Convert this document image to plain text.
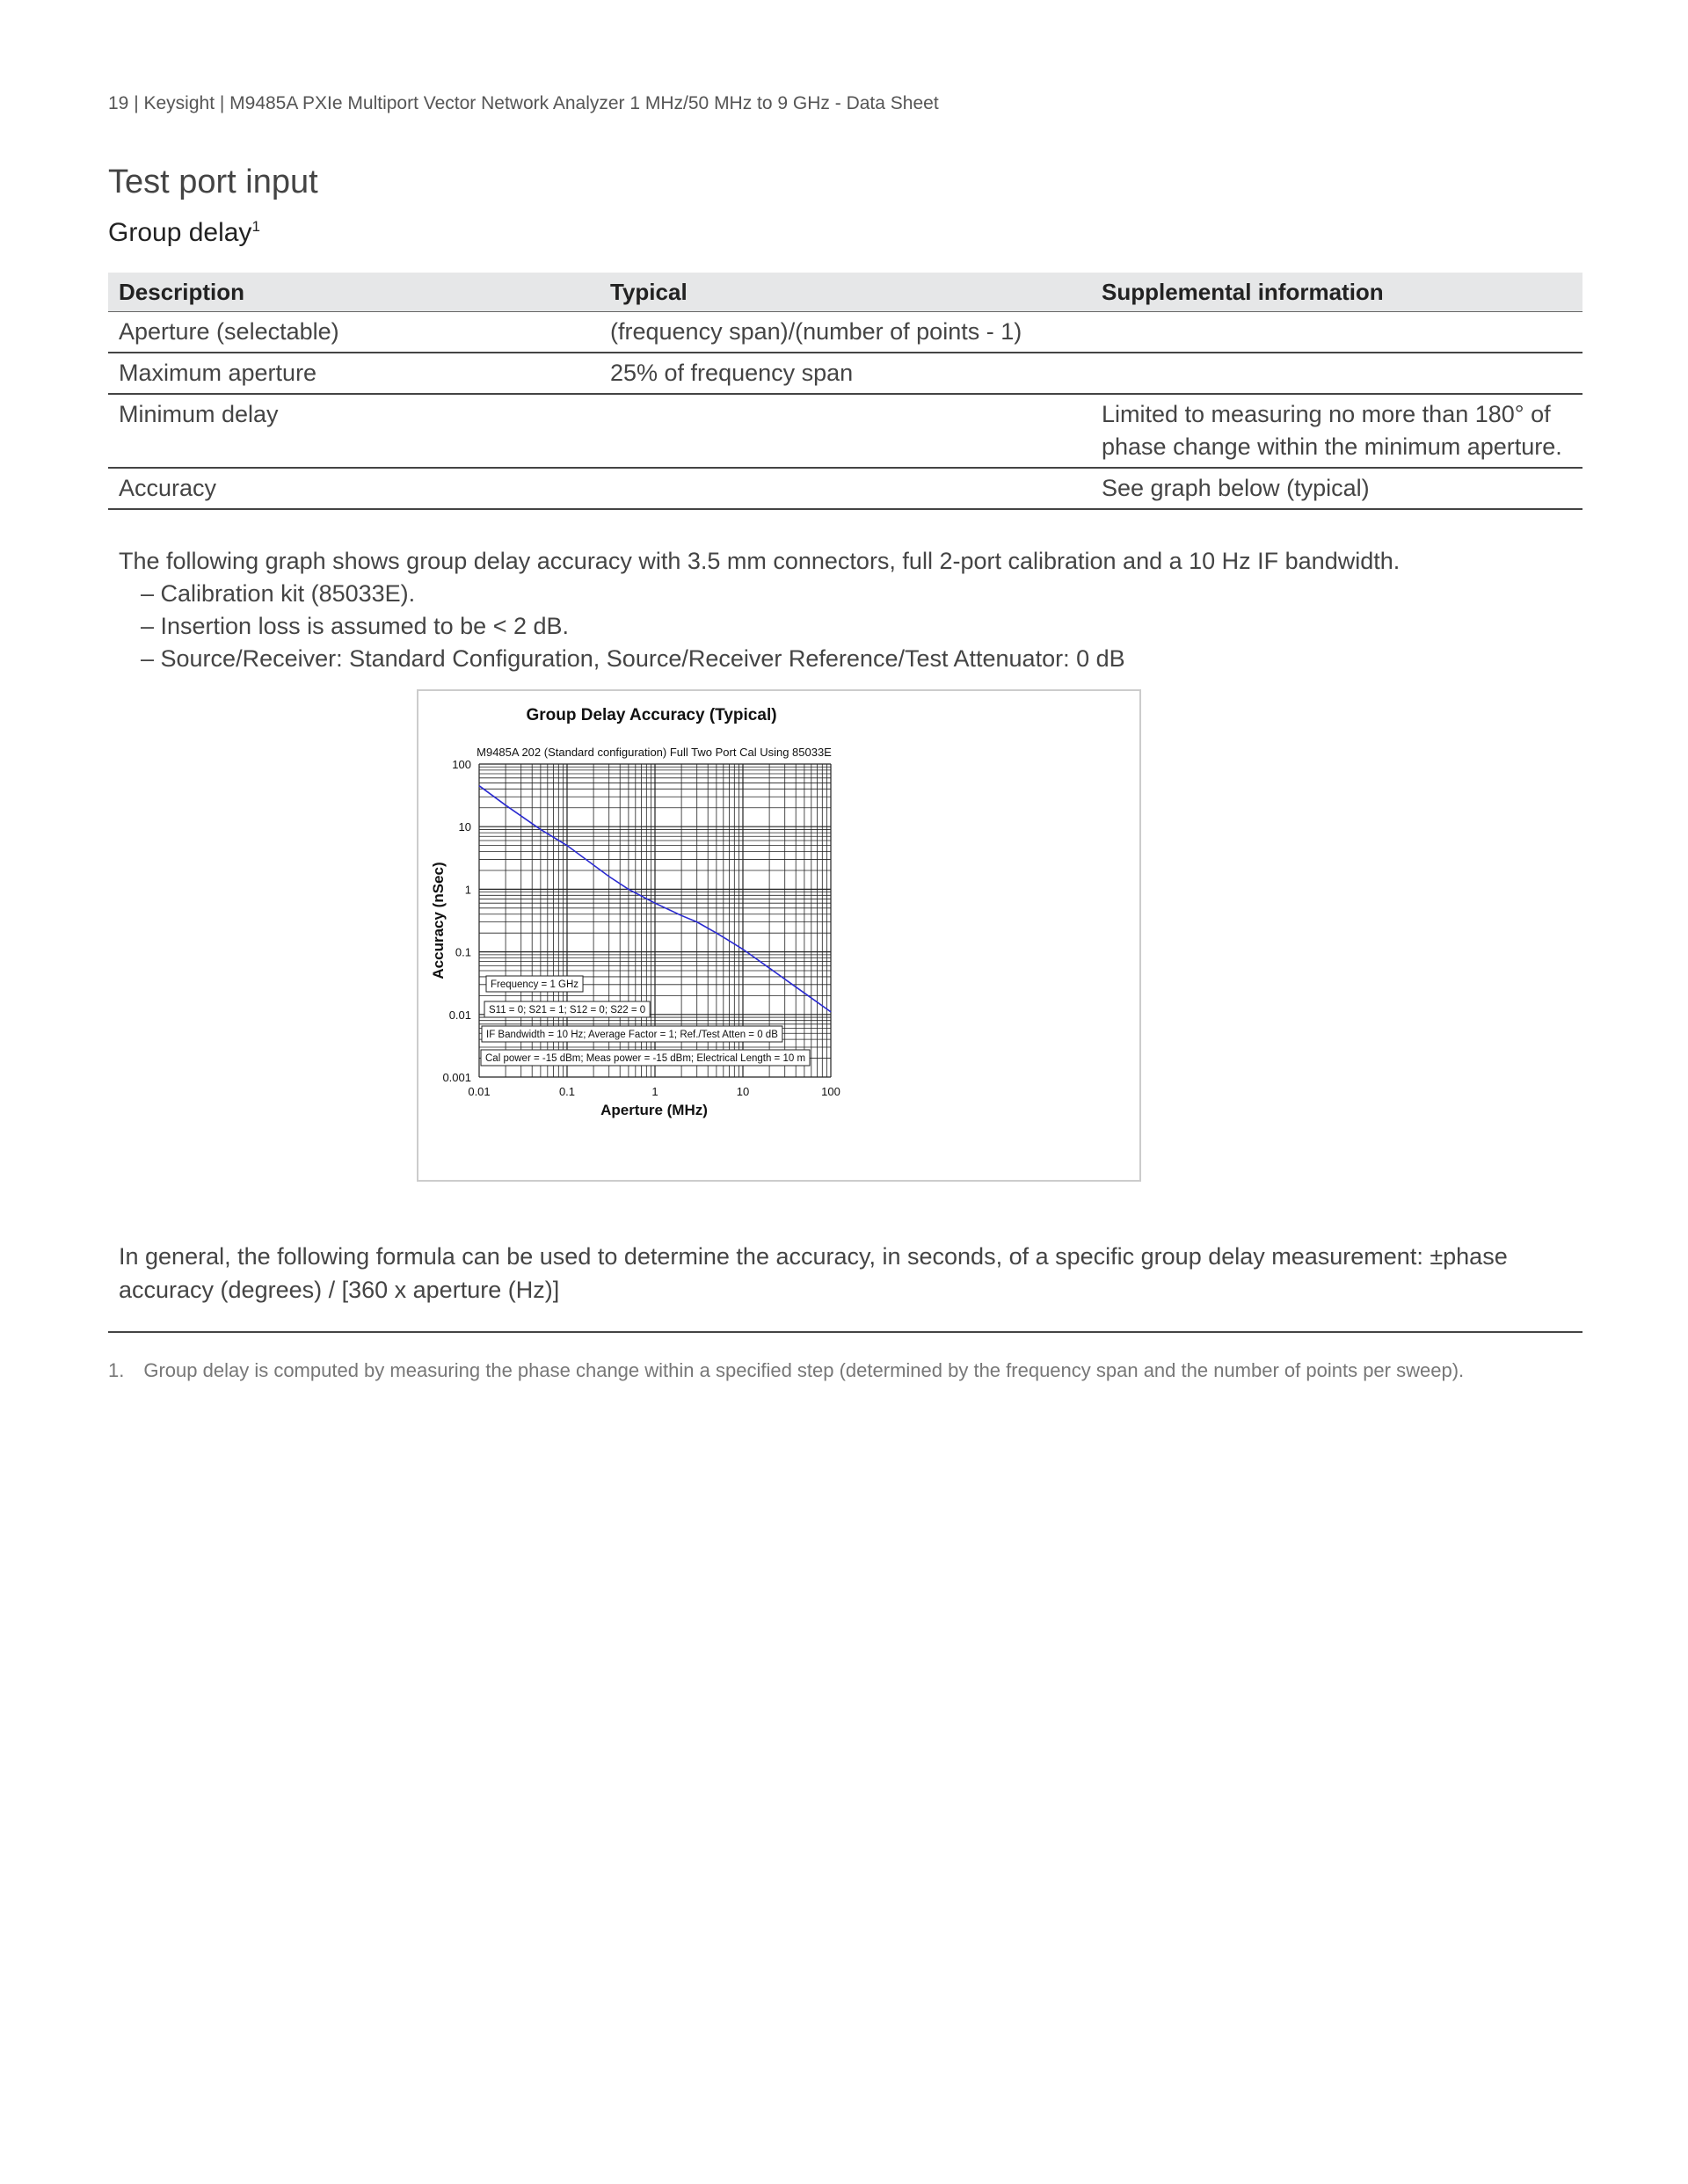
19 | Keysight | M9485A PXIe Multiport Vector Network Analyzer 1 MHz/50 MHz to 9 GHz - Data Sheet
Test port input
Group delay$^1$
Description	Typical	Supplemental information
Aperture (selectable)	(frequency span)/(number of points - 1)	
Maximum aperture	25% of frequency span	
Minimum delay		Limited to measuring no more than 180° of phase change within the minimum aperture.
Accuracy		See graph below (typical)
The following graph shows group delay accuracy with 3.5 mm connectors, full 2-port calibration and a 10 Hz IF bandwidth.
– Calibration kit (85033E).
– Insertion loss is assumed to be < 2 dB.
– Source/Receiver: Standard Configuration, Source/Receiver Reference/Test Attenuator: 0 dB
Group Delay Accuracy (Typical)
M9485A 202 (Standard configuration) Full Two Port Cal Using 85033E
0.01	0.1	1	10	100
100
10
1
0.1
0.01
0.001
Aperture (MHz)
Accuracy (nSec)
Frequency = 1 GHz
S11 = 0; S21 = 1; S12 = 0; S22 = 0
IF Bandwidth = 10 Hz; Average Factor = 1; Ref./Test Atten = 0 dB
Cal power = -15 dBm; Meas power = -15 dBm; Electrical Length = 10 m
In general, the following formula can be used to determine the accuracy, in seconds, of a specific group delay measurement: ±phase accuracy (degrees) / [360 x aperture (Hz)]
1. Group delay is computed by measuring the phase change within a specified step (determined by the frequency span and the number of points per sweep).
